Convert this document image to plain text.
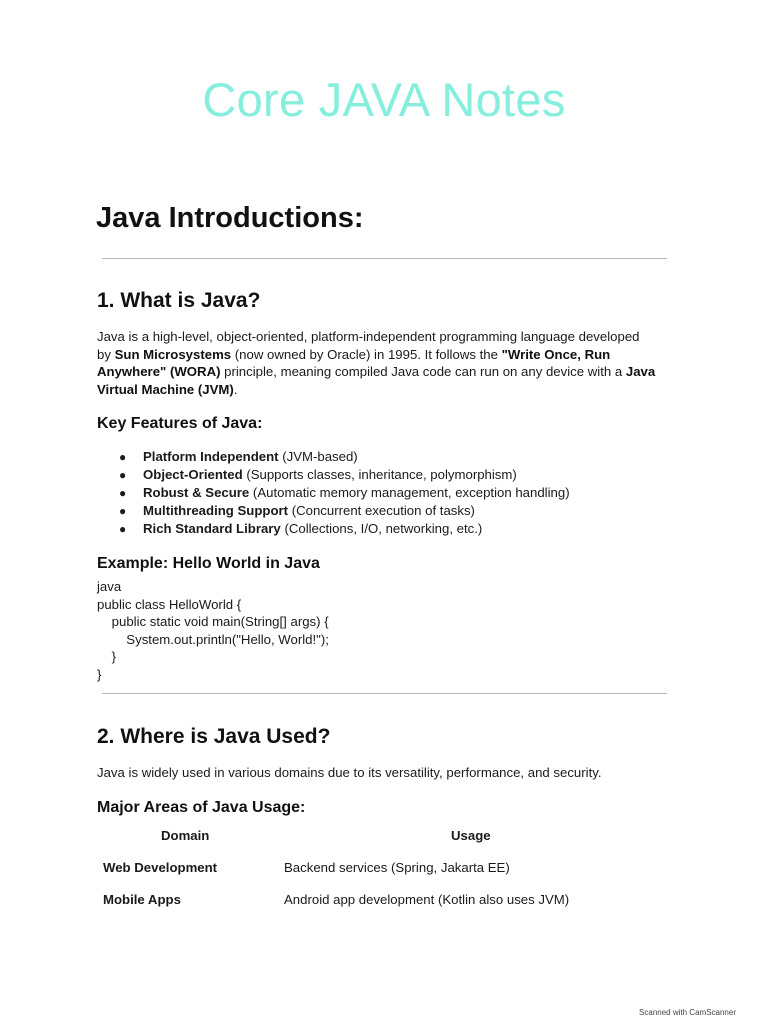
Core JAVA Notes
Java Introductions:
1. What is Java?
Java is a high-level, object-oriented, platform-independent programming language developed by Sun Microsystems (now owned by Oracle) in 1995. It follows the "Write Once, Run Anywhere" (WORA) principle, meaning compiled Java code can run on any device with a Java Virtual Machine (JVM).
Key Features of Java:
● Platform Independent (JVM-based)
● Object-Oriented (Supports classes, inheritance, polymorphism)
● Robust & Secure (Automatic memory management, exception handling)
● Multithreading Support (Concurrent execution of tasks)
● Rich Standard Library (Collections, I/O, networking, etc.)
Example: Hello World in Java
java
public class HelloWorld {
public static void main(String[] args) {
System.out.println("Hello, World!");
}
}
2. Where is Java Used?
Java is widely used in various domains due to its versatility, performance, and security.
Major Areas of Java Usage:
Domain	Usage
Web Development	Backend services (Spring, Jakarta EE)
Mobile Apps	Android app development (Kotlin also uses JVM)
Scanned with CamScanner
